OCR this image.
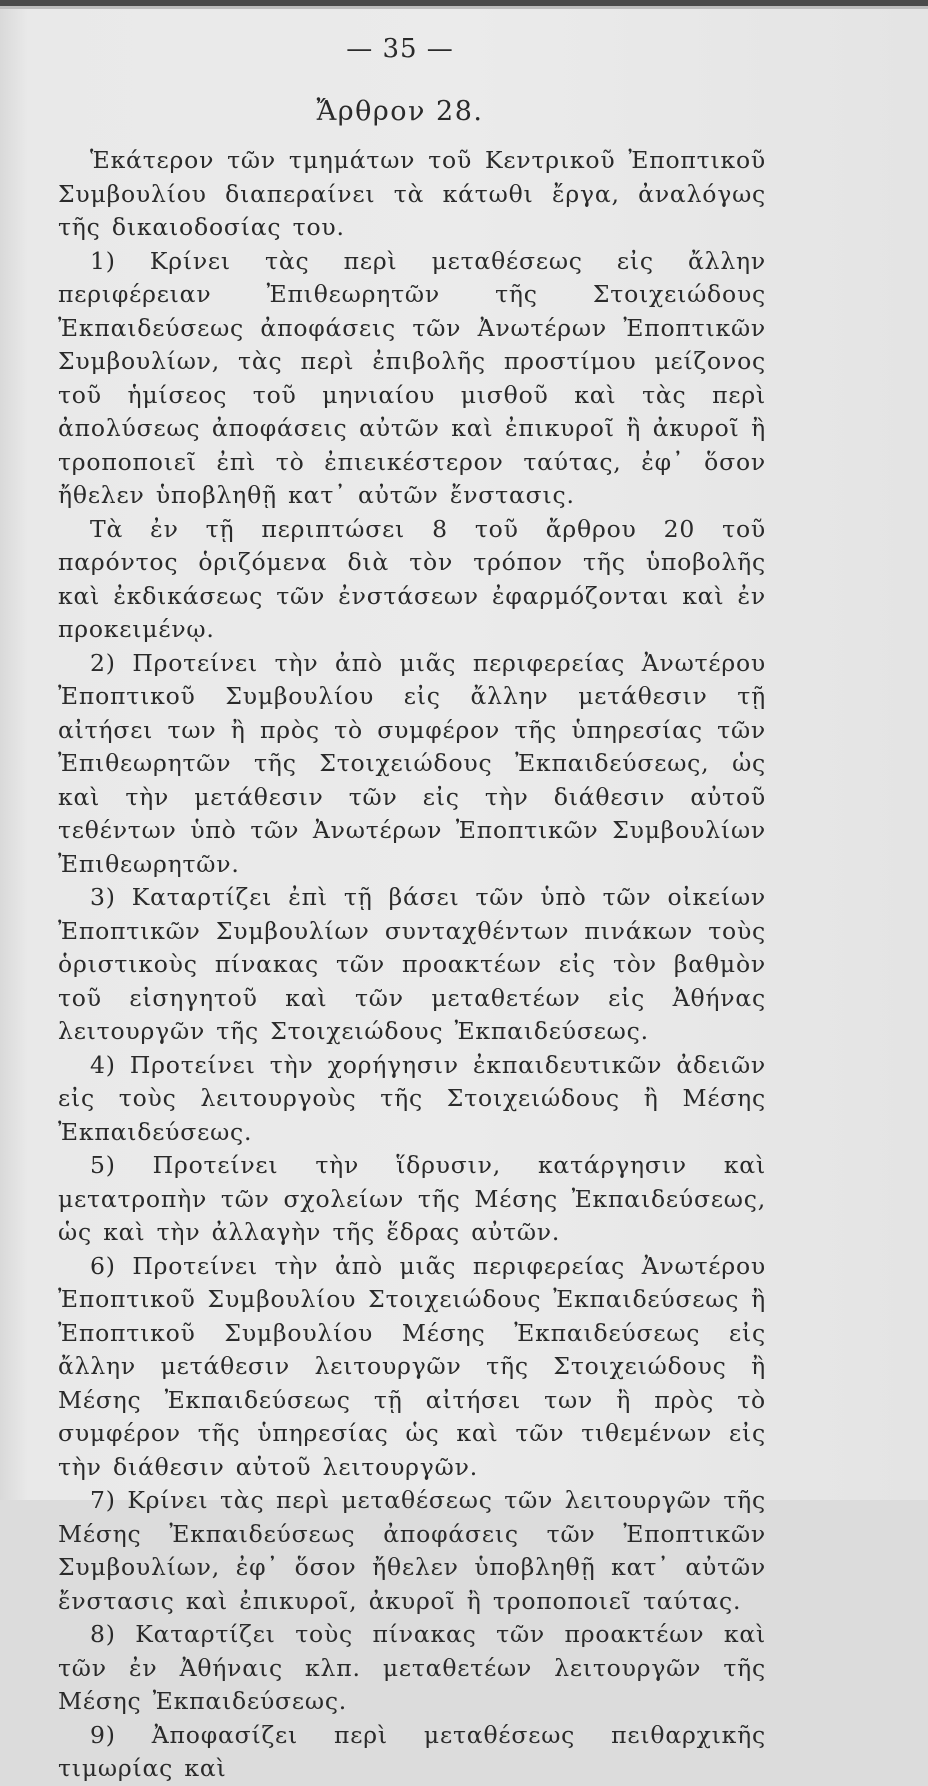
— 35 —
Ἄρθρον 28.

Ἑκάτερον τῶν τμημάτων τοῦ Κεντρικοῦ Ἐποπτικοῦ Συμβουλίου διαπεραίνει τὰ κάτωθι ἔργα, ἀναλόγως τῆς δικαιοδοσίας του.

1) Κρίνει τὰς περὶ μεταθέσεως εἰς ἄλλην περιφέρειαν Ἐπιθεωρητῶν τῆς Στοιχειώδους Ἐκπαιδεύσεως ἀποφάσεις τῶν Ἀνωτέρων Ἐποπτικῶν Συμβουλίων, τὰς περὶ ἐπιβολῆς προστίμου μείζονος τοῦ ἡμίσεος τοῦ μηνιαίου μισθοῦ καὶ τὰς περὶ ἀπολύσεως ἀποφάσεις αὐτῶν καὶ ἐπικυροῖ ἢ ἀκυροῖ ἢ τροποποιεῖ ἐπὶ τὸ ἐπιεικέστερον ταύτας, ἐφ᾽ ὅσον ἤθελεν ὑποβληθῇ κατ᾽ αὐτῶν ἔνστασις.

Τὰ ἐν τῇ περιπτώσει 8 τοῦ ἄρθρου 20 τοῦ παρόντος ὁριζόμενα διὰ τὸν τρόπον τῆς ὑποβολῆς καὶ ἐκδικάσεως τῶν ἐνστάσεων ἐφαρμόζονται καὶ ἐν προκειμένῳ.

2) Προτείνει τὴν ἀπὸ μιᾶς περιφερείας Ἀνωτέρου Ἐποπτικοῦ Συμβουλίου εἰς ἄλλην μετάθεσιν τῇ αἰτήσει των ἢ πρὸς τὸ συμφέρον τῆς ὑπηρεσίας τῶν Ἐπιθεωρητῶν τῆς Στοιχειώδους Ἐκπαιδεύσεως, ὡς καὶ τὴν μετάθεσιν τῶν εἰς τὴν διάθεσιν αὐτοῦ τεθέντων ὑπὸ τῶν Ἀνωτέρων Ἐποπτικῶν Συμβουλίων Ἐπιθεωρητῶν.

3) Καταρτίζει ἐπὶ τῇ βάσει τῶν ὑπὸ τῶν οἰκείων Ἐποπτικῶν Συμβουλίων συνταχθέντων πινάκων τοὺς ὁριστικοὺς πίνακας τῶν προακτέων εἰς τὸν βαθμὸν τοῦ εἰσηγητοῦ καὶ τῶν μεταθετέων εἰς Ἀθήνας λειτουργῶν τῆς Στοιχειώδους Ἐκπαιδεύσεως.

4) Προτείνει τὴν χορήγησιν ἐκπαιδευτικῶν ἀδειῶν εἰς τοὺς λειτουργοὺς τῆς Στοιχειώδους ἢ Μέσης Ἐκπαιδεύσεως.

5) Προτείνει τὴν ἵδρυσιν, κατάργησιν καὶ μετατροπὴν τῶν σχολείων τῆς Μέσης Ἐκπαιδεύσεως, ὡς καὶ τὴν ἀλλαγὴν τῆς ἕδρας αὐτῶν.

6) Προτείνει τὴν ἀπὸ μιᾶς περιφερείας Ἀνωτέρου Ἐποπτικοῦ Συμβουλίου Στοιχειώδους Ἐκπαιδεύσεως ἢ Ἐποπτικοῦ Συμβουλίου Μέσης Ἐκπαιδεύσεως εἰς ἄλλην μετάθεσιν λειτουργῶν τῆς Στοιχειώδους ἢ Μέσης Ἐκπαιδεύσεως τῇ αἰτήσει των ἢ πρὸς τὸ συμφέρον τῆς ὑπηρεσίας ὡς καὶ τῶν τιθεμένων εἰς τὴν διάθεσιν αὐτοῦ λειτουργῶν.

7) Κρίνει τὰς περὶ μεταθέσεως τῶν λειτουργῶν τῆς Μέσης Ἐκπαιδεύσεως ἀποφάσεις τῶν Ἐποπτικῶν Συμβουλίων, ἐφ᾽ ὅσον ἤθελεν ὑποβληθῇ κατ᾽ αὐτῶν ἔνστασις καὶ ἐπικυροῖ, ἀκυροῖ ἢ τροποποιεῖ ταύτας.

8) Καταρτίζει τοὺς πίνακας τῶν προακτέων καὶ τῶν ἐν Ἀθήναις κλπ. μεταθετέων λειτουργῶν τῆς Μέσης Ἐκπαιδεύσεως.

9) Ἀποφασίζει περὶ μεταθέσεως πειθαρχικῆς τιμωρίας καὶ
